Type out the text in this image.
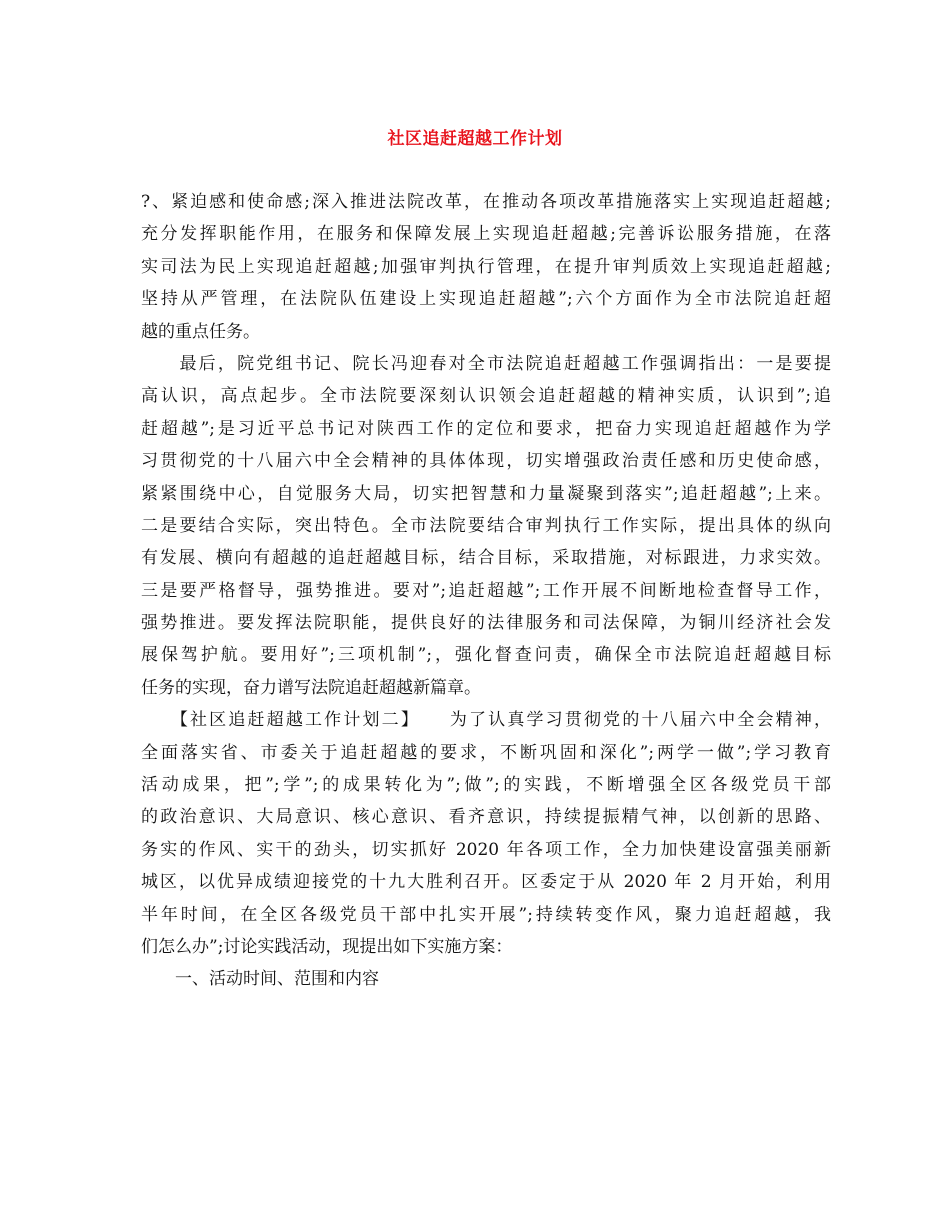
社区追赶超越工作计划
?、紧迫感和使命感;深入推进法院改革，在推动各项改革措施落实上实现追赶超越;
充分发挥职能作用，在服务和保障发展上实现追赶超越;完善诉讼服务措施，在落
实司法为民上实现追赶超越;加强审判执行管理，在提升审判质效上实现追赶超越;
坚持从严管理，在法院队伍建设上实现追赶超越”;六个方面作为全市法院追赶超
越的重点任务。
　　最后，院党组书记、院长冯迎春对全市法院追赶超越工作强调指出：一是要提
高认识，高点起步。全市法院要深刻认识领会追赶超越的精神实质，认识到”;追
赶超越”;是习近平总书记对陕西工作的定位和要求，把奋力实现追赶超越作为学
习贯彻党的十八届六中全会精神的具体体现，切实增强政治责任感和历史使命感，
紧紧围绕中心，自觉服务大局，切实把智慧和力量凝聚到落实”;追赶超越”;上来。
二是要结合实际，突出特色。全市法院要结合审判执行工作实际，提出具体的纵向
有发展、横向有超越的追赶超越目标，结合目标，采取措施，对标跟进，力求实效。
三是要严格督导，强势推进。要对”;追赶超越”;工作开展不间断地检查督导工作，
强势推进。要发挥法院职能，提供良好的法律服务和司法保障，为铜川经济社会发
展保驾护航。要用好”;三项机制”;，强化督查问责，确保全市法院追赶超越目标
任务的实现，奋力谱写法院追赶超越新篇章。
　　【社区追赶超越工作计划二】　　为了认真学习贯彻党的十八届六中全会精神，
全面落实省、市委关于追赶超越的要求，不断巩固和深化”;两学一做”;学习教育
活动成果，把”;学”;的成果转化为”;做”;的实践，不断增强全区各级党员干部
的政治意识、大局意识、核心意识、看齐意识，持续提振精气神，以创新的思路、
务实的作风、实干的劲头，切实抓好 2020 年各项工作，全力加快建设富强美丽新
城区，以优异成绩迎接党的十九大胜利召开。区委定于从 2020 年 2 月开始，利用
半年时间，在全区各级党员干部中扎实开展”;持续转变作风，聚力追赶超越，我
们怎么办”;讨论实践活动，现提出如下实施方案：
　　一、活动时间、范围和内容
